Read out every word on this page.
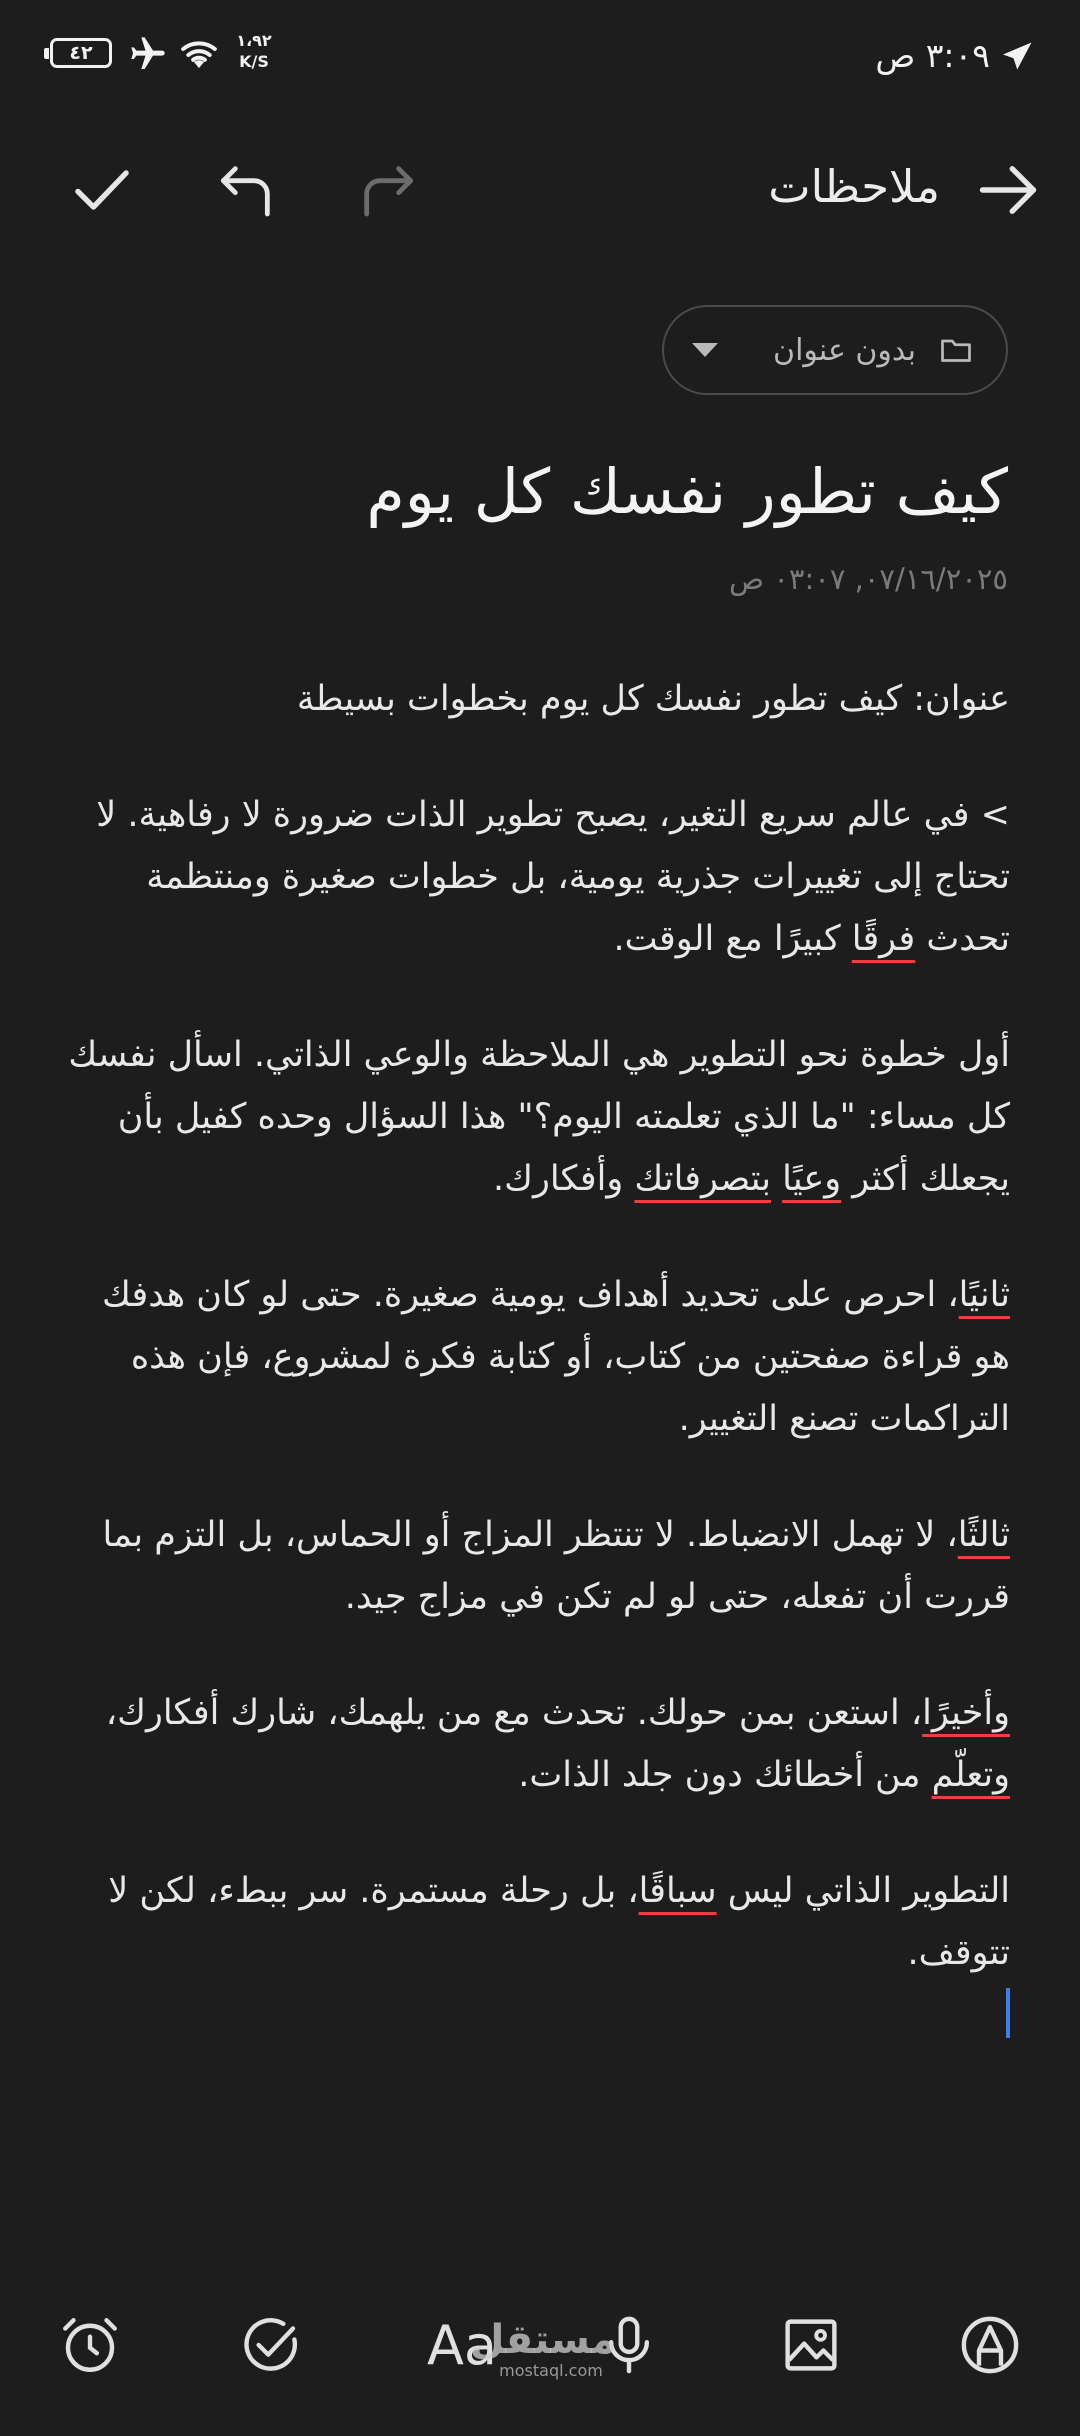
٣:٠٩ ص
٤٢
١،٩٢
K/S
ملاحظات
بدون عنوان
كيف تطور نفسك كل يوم
٠٧/١٦/٢٠٢٥, ٠٣:٠٧ ص

عنوان: كيف تطور نفسك كل يوم بخطوات بسيطة

> في عالم سريع التغير، يصبح تطوير الذات ضرورة لا رفاهية. لا تحتاج إلى تغييرات جذرية يومية، بل خطوات صغيرة ومنتظمة تحدث فرقًا كبيرًا مع الوقت.

أول خطوة نحو التطوير هي الملاحظة والوعي الذاتي. اسأل نفسك كل مساء: "ما الذي تعلمته اليوم؟" هذا السؤال وحده كفيل بأن يجعلك أكثر وعيًا بتصرفاتك وأفكارك.

ثانيًا، احرص على تحديد أهداف يومية صغيرة. حتى لو كان هدفك هو قراءة صفحتين من كتاب، أو كتابة فكرة لمشروع، فإن هذه التراكمات تصنع التغيير.

ثالثًا، لا تهمل الانضباط. لا تنتظر المزاج أو الحماس، بل التزم بما قررت أن تفعله، حتى لو لم تكن في مزاج جيد.

وأخيرًا، استعن بمن حولك. تحدث مع من يلهمك، شارك أفكارك، وتعلّم من أخطائك دون جلد الذات.

التطوير الذاتي ليس سباقًا، بل رحلة مستمرة. سر ببطء، لكن لا تتوقف.

Aa
مستقل
mostaql.com
